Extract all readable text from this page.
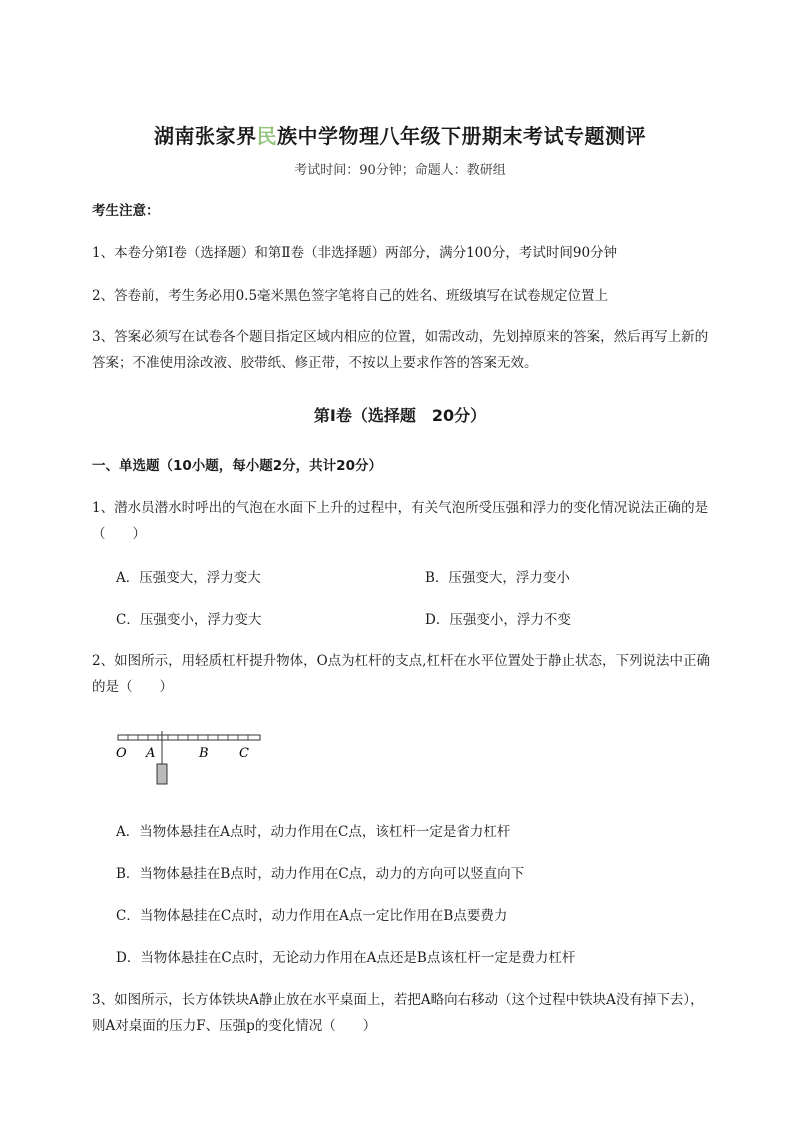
湖南张家界民族中学物理八年级下册期末考试专题测评
考试时间：90分钟；命题人：教研组
考生注意：
1、本卷分第I卷（选择题）和第Ⅱ卷（非选择题）两部分，满分100分，考试时间90分钟
2、答卷前，考生务必用0.5毫米黑色签字笔将自己的姓名、班级填写在试卷规定位置上
3、答案必须写在试卷各个题目指定区域内相应的位置，如需改动，先划掉原来的答案，然后再写上新的答案；不准使用涂改液、胶带纸、修正带，不按以上要求作答的答案无效。
第I卷（选择题　20分）
一、单选题（10小题，每小题2分，共计20分）
1、潜水员潜水时呼出的气泡在水面下上升的过程中，有关气泡所受压强和浮力的变化情况说法正确的是（　　）
A．压强变大，浮力变大	B．压强变大，浮力变小
C．压强变小，浮力变大	D．压强变小，浮力不变
2、如图所示，用轻质杠杆提升物体，O点为杠杆的支点,杠杆在水平位置处于静止状态，下列说法中正确的是（　　）
O A	B C
A．当物体悬挂在A点时，动力作用在C点，该杠杆一定是省力杠杆
B．当物体悬挂在B点时，动力作用在C点，动力的方向可以竖直向下
C．当物体悬挂在C点时，动力作用在A点一定比作用在B点要费力
D．当物体悬挂在C点时，无论动力作用在A点还是B点该杠杆一定是费力杠杆
3、如图所示，长方体铁块A静止放在水平桌面上，若把A略向右移动（这个过程中铁块A没有掉下去），则A对桌面的压力F、压强p的变化情况（　　）
